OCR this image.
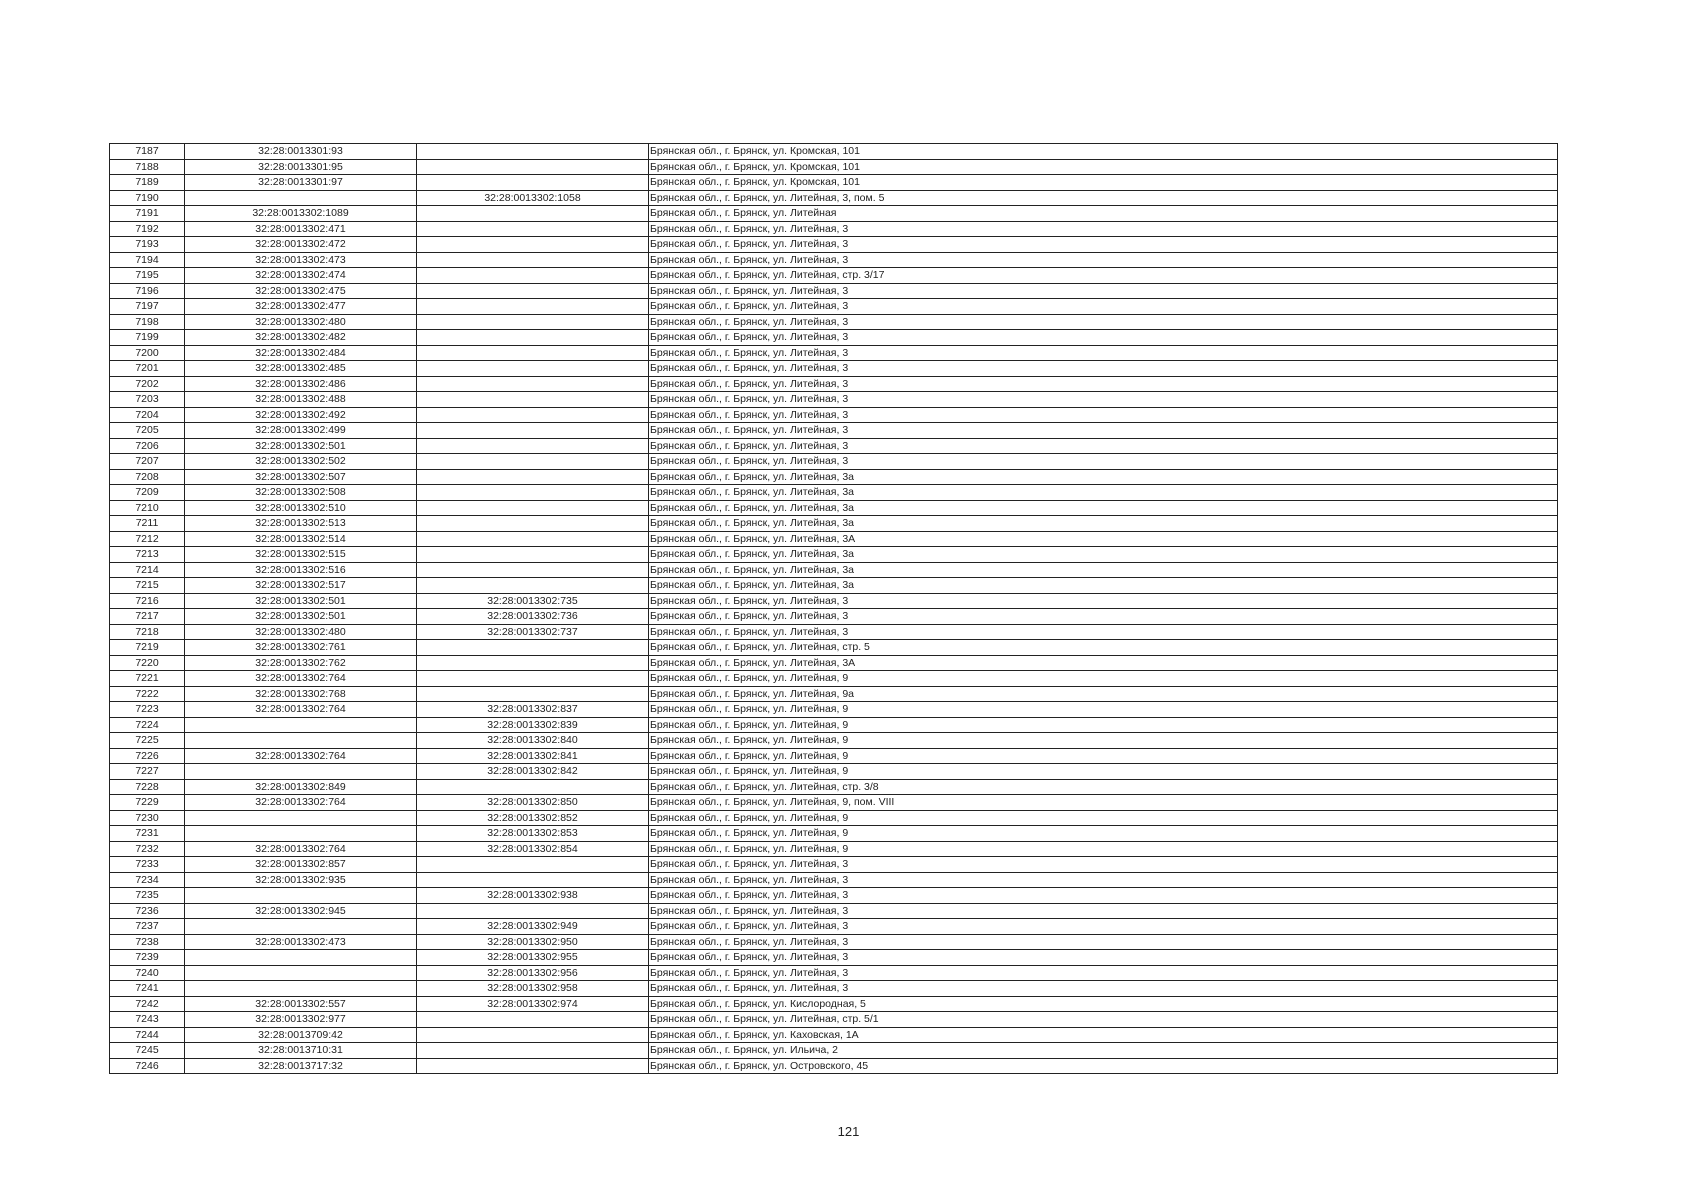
7187	32:28:0013301:93		Брянская обл., г. Брянск, ул. Кромская, 101
7188	32:28:0013301:95		Брянская обл., г. Брянск, ул. Кромская, 101
7189	32:28:0013301:97		Брянская обл., г. Брянск, ул. Кромская, 101
7190		32:28:0013302:1058	Брянская обл., г. Брянск, ул. Литейная, 3, пом. 5
7191	32:28:0013302:1089		Брянская обл., г. Брянск, ул. Литейная
7192	32:28:0013302:471		Брянская обл., г. Брянск, ул. Литейная, 3
7193	32:28:0013302:472		Брянская обл., г. Брянск, ул. Литейная, 3
7194	32:28:0013302:473		Брянская обл., г. Брянск, ул. Литейная, 3
7195	32:28:0013302:474		Брянская обл., г. Брянск, ул. Литейная, стр. 3/17
7196	32:28:0013302:475		Брянская обл., г. Брянск, ул. Литейная, 3
7197	32:28:0013302:477		Брянская обл., г. Брянск, ул. Литейная, 3
7198	32:28:0013302:480		Брянская обл., г. Брянск, ул. Литейная, 3
7199	32:28:0013302:482		Брянская обл., г. Брянск, ул. Литейная, 3
7200	32:28:0013302:484		Брянская обл., г. Брянск, ул. Литейная, 3
7201	32:28:0013302:485		Брянская обл., г. Брянск, ул. Литейная, 3
7202	32:28:0013302:486		Брянская обл., г. Брянск, ул. Литейная, 3
7203	32:28:0013302:488		Брянская обл., г. Брянск, ул. Литейная, 3
7204	32:28:0013302:492		Брянская обл., г. Брянск, ул. Литейная, 3
7205	32:28:0013302:499		Брянская обл., г. Брянск, ул. Литейная, 3
7206	32:28:0013302:501		Брянская обл., г. Брянск, ул. Литейная, 3
7207	32:28:0013302:502		Брянская обл., г. Брянск, ул. Литейная, 3
7208	32:28:0013302:507		Брянская обл., г. Брянск, ул. Литейная, 3а
7209	32:28:0013302:508		Брянская обл., г. Брянск, ул. Литейная, 3а
7210	32:28:0013302:510		Брянская обл., г. Брянск, ул. Литейная, 3а
7211	32:28:0013302:513		Брянская обл., г. Брянск, ул. Литейная, 3а
7212	32:28:0013302:514		Брянская обл., г. Брянск, ул. Литейная, 3А
7213	32:28:0013302:515		Брянская обл., г. Брянск, ул. Литейная, 3а
7214	32:28:0013302:516		Брянская обл., г. Брянск, ул. Литейная, 3а
7215	32:28:0013302:517		Брянская обл., г. Брянск, ул. Литейная, 3а
7216	32:28:0013302:501	32:28:0013302:735	Брянская обл., г. Брянск, ул. Литейная, 3
7217	32:28:0013302:501	32:28:0013302:736	Брянская обл., г. Брянск, ул. Литейная, 3
7218	32:28:0013302:480	32:28:0013302:737	Брянская обл., г. Брянск, ул. Литейная, 3
7219	32:28:0013302:761		Брянская обл., г. Брянск, ул. Литейная, стр. 5
7220	32:28:0013302:762		Брянская обл., г. Брянск, ул. Литейная, 3А
7221	32:28:0013302:764		Брянская обл., г. Брянск, ул. Литейная, 9
7222	32:28:0013302:768		Брянская обл., г. Брянск, ул. Литейная, 9а
7223	32:28:0013302:764	32:28:0013302:837	Брянская обл., г. Брянск, ул. Литейная, 9
7224		32:28:0013302:839	Брянская обл., г. Брянск, ул. Литейная, 9
7225		32:28:0013302:840	Брянская обл., г. Брянск, ул. Литейная, 9
7226	32:28:0013302:764	32:28:0013302:841	Брянская обл., г. Брянск, ул. Литейная, 9
7227		32:28:0013302:842	Брянская обл., г. Брянск, ул. Литейная, 9
7228	32:28:0013302:849		Брянская обл., г. Брянск, ул. Литейная, стр. 3/8
7229	32:28:0013302:764	32:28:0013302:850	Брянская обл., г. Брянск, ул. Литейная, 9, пом. VIII
7230		32:28:0013302:852	Брянская обл., г. Брянск, ул. Литейная, 9
7231		32:28:0013302:853	Брянская обл., г. Брянск, ул. Литейная, 9
7232	32:28:0013302:764	32:28:0013302:854	Брянская обл., г. Брянск, ул. Литейная, 9
7233	32:28:0013302:857		Брянская обл., г. Брянск, ул. Литейная, 3
7234	32:28:0013302:935		Брянская обл., г. Брянск, ул. Литейная, 3
7235		32:28:0013302:938	Брянская обл., г. Брянск, ул. Литейная, 3
7236	32:28:0013302:945		Брянская обл., г. Брянск, ул. Литейная, 3
7237		32:28:0013302:949	Брянская обл., г. Брянск, ул. Литейная, 3
7238	32:28:0013302:473	32:28:0013302:950	Брянская обл., г. Брянск, ул. Литейная, 3
7239		32:28:0013302:955	Брянская обл., г. Брянск, ул. Литейная, 3
7240		32:28:0013302:956	Брянская обл., г. Брянск, ул. Литейная, 3
7241		32:28:0013302:958	Брянская обл., г. Брянск, ул. Литейная, 3
7242	32:28:0013302:557	32:28:0013302:974	Брянская обл., г. Брянск, ул. Кислородная, 5
7243	32:28:0013302:977		Брянская обл., г. Брянск, ул. Литейная, стр. 5/1
7244	32:28:0013709:42		Брянская обл., г. Брянск, ул. Каховская, 1А
7245	32:28:0013710:31		Брянская обл., г. Брянск, ул. Ильича, 2
7246	32:28:0013717:32		Брянская обл., г. Брянск, ул. Островского, 45
121
